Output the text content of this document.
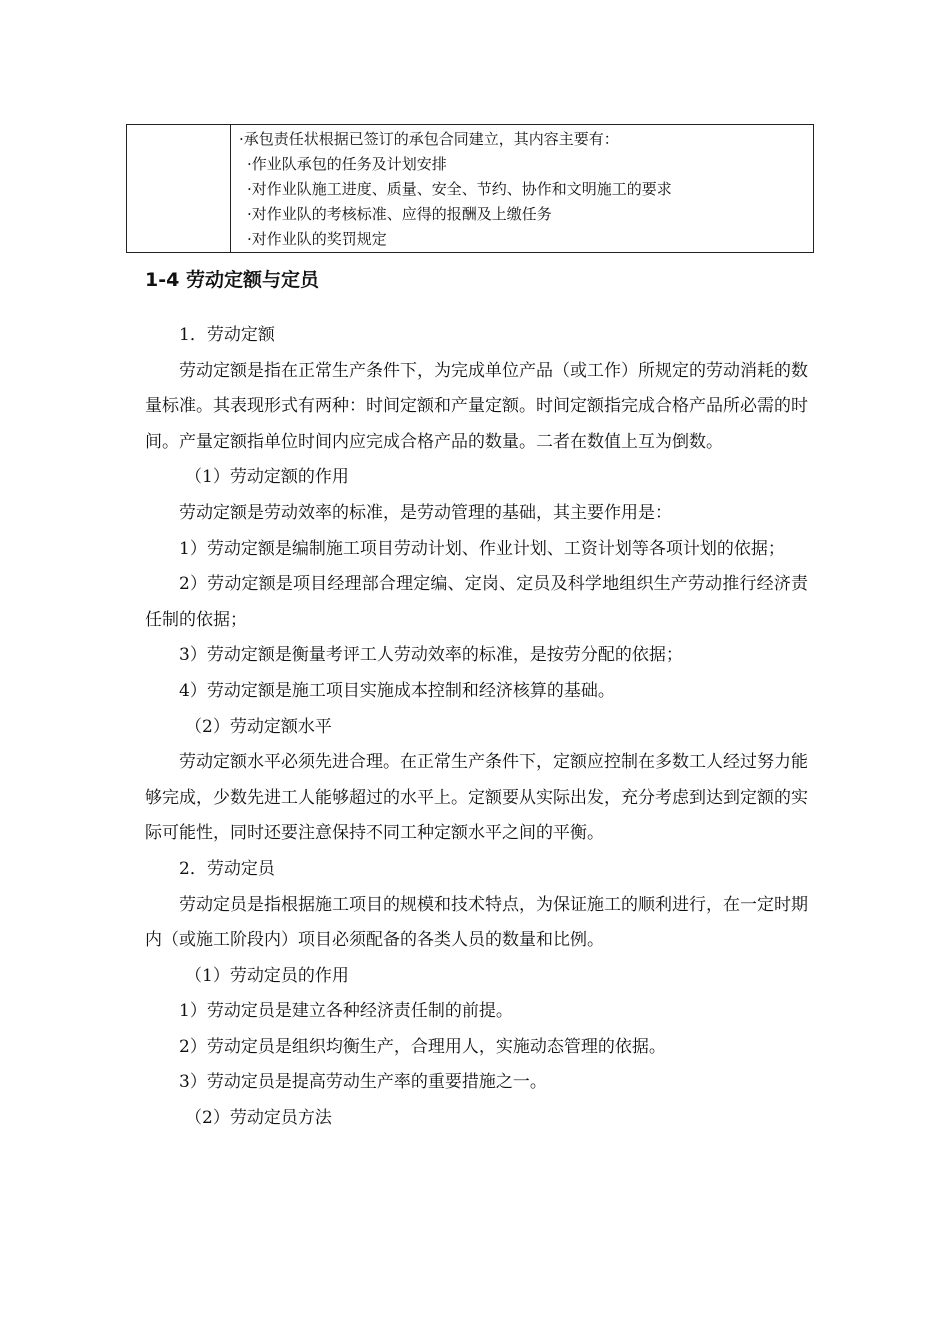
·承包责任状根据已签订的承包合同建立，其内容主要有：
·作业队承包的任务及计划安排
·对作业队施工进度、质量、安全、节约、协作和文明施工的要求
·对作业队的考核标准、应得的报酬及上缴任务
·对作业队的奖罚规定
1-4 劳动定额与定员

1．劳动定额

劳动定额是指在正常生产条件下，为完成单位产品（或工作）所规定的劳动消耗的数量标准。其表现形式有两种：时间定额和产量定额。时间定额指完成合格产品所必需的时间。产量定额指单位时间内应完成合格产品的数量。二者在数值上互为倒数。

（1）劳动定额的作用

劳动定额是劳动效率的标准，是劳动管理的基础，其主要作用是：

1）劳动定额是编制施工项目劳动计划、作业计划、工资计划等各项计划的依据；

2）劳动定额是项目经理部合理定编、定岗、定员及科学地组织生产劳动推行经济责任制的依据；

3）劳动定额是衡量考评工人劳动效率的标准，是按劳分配的依据；

4）劳动定额是施工项目实施成本控制和经济核算的基础。

（2）劳动定额水平

劳动定额水平必须先进合理。在正常生产条件下，定额应控制在多数工人经过努力能够完成，少数先进工人能够超过的水平上。定额要从实际出发，充分考虑到达到定额的实际可能性，同时还要注意保持不同工种定额水平之间的平衡。

2．劳动定员

劳动定员是指根据施工项目的规模和技术特点，为保证施工的顺利进行，在一定时期内（或施工阶段内）项目必须配备的各类人员的数量和比例。

（1）劳动定员的作用

1）劳动定员是建立各种经济责任制的前提。

2）劳动定员是组织均衡生产，合理用人，实施动态管理的依据。

3）劳动定员是提高劳动生产率的重要措施之一。

（2）劳动定员方法
